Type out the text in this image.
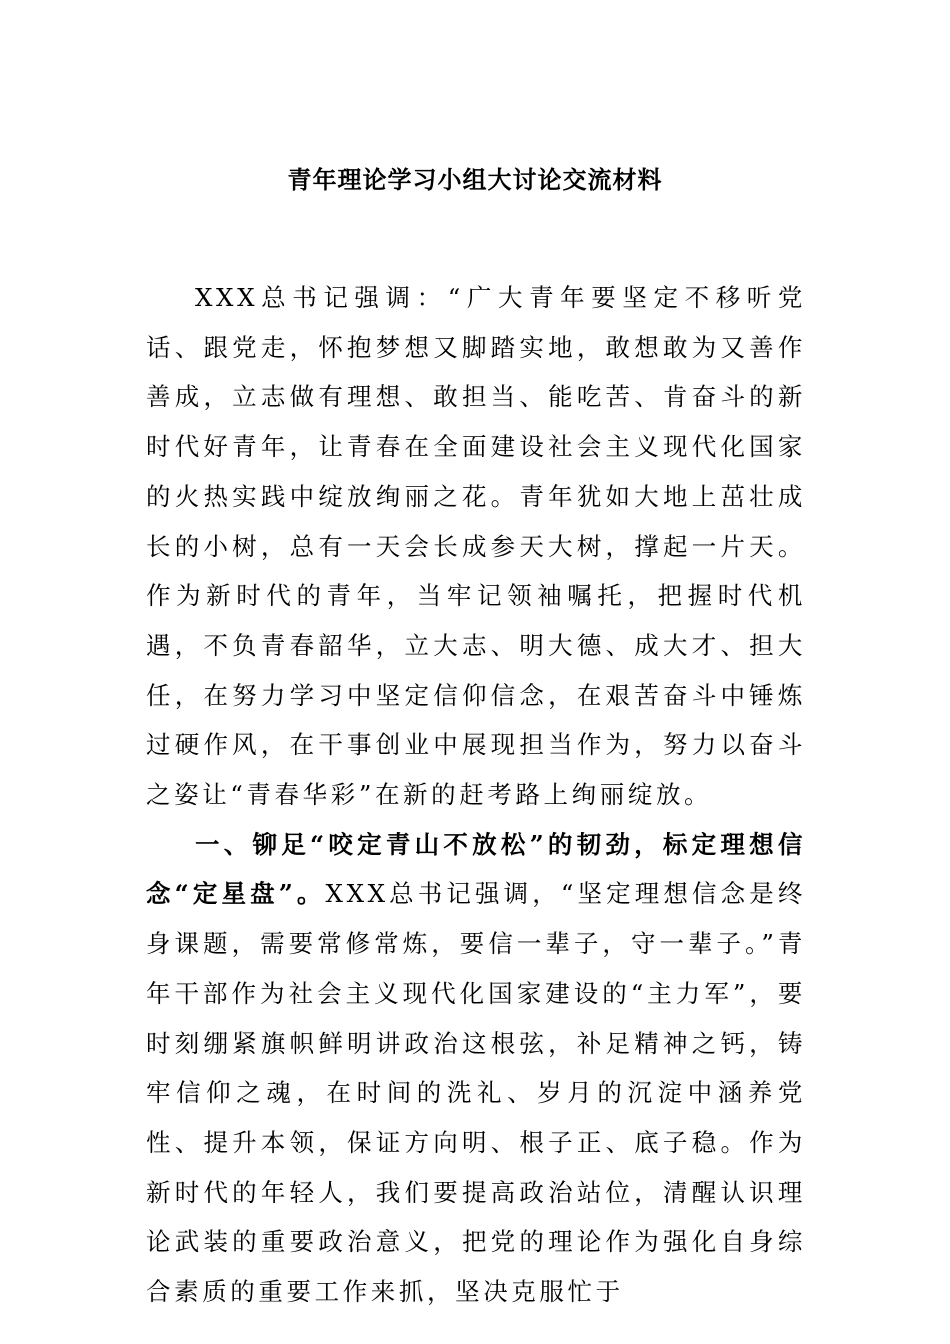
青年理论学习小组大讨论交流材料

XXX总书记强调：“广大青年要坚定不移听党话、跟党走，怀抱梦想又脚踏实地，敢想敢为又善作善成，立志做有理想、敢担当、能吃苦、肯奋斗的新时代好青年，让青春在全面建设社会主义现代化国家的火热实践中绽放绚丽之花。青年犹如大地上茁壮成长的小树，总有一天会长成参天大树，撑起一片天。作为新时代的青年，当牢记领袖嘱托，把握时代机遇，不负青春韶华，立大志、明大德、成大才、担大任，在努力学习中坚定信仰信念，在艰苦奋斗中锤炼过硬作风，在干事创业中展现担当作为，努力以奋斗之姿让“青春华彩”在新的赶考路上绚丽绽放。

一、铆足“咬定青山不放松”的韧劲，标定理想信念“定星盘”。XXX总书记强调，“坚定理想信念是终身课题，需要常修常炼，要信一辈子，守一辈子。”青年干部作为社会主义现代化国家建设的“主力军”，要时刻绷紧旗帜鲜明讲政治这根弦，补足精神之钙，铸牢信仰之魂，在时间的洗礼、岁月的沉淀中涵养党性、提升本领，保证方向明、根子正、底子稳。作为新时代的年轻人，我们要提高政治站位，清醒认识理论武装的重要政治意义，把党的理论作为强化自身综合素质的重要工作来抓，坚决克服忙于
